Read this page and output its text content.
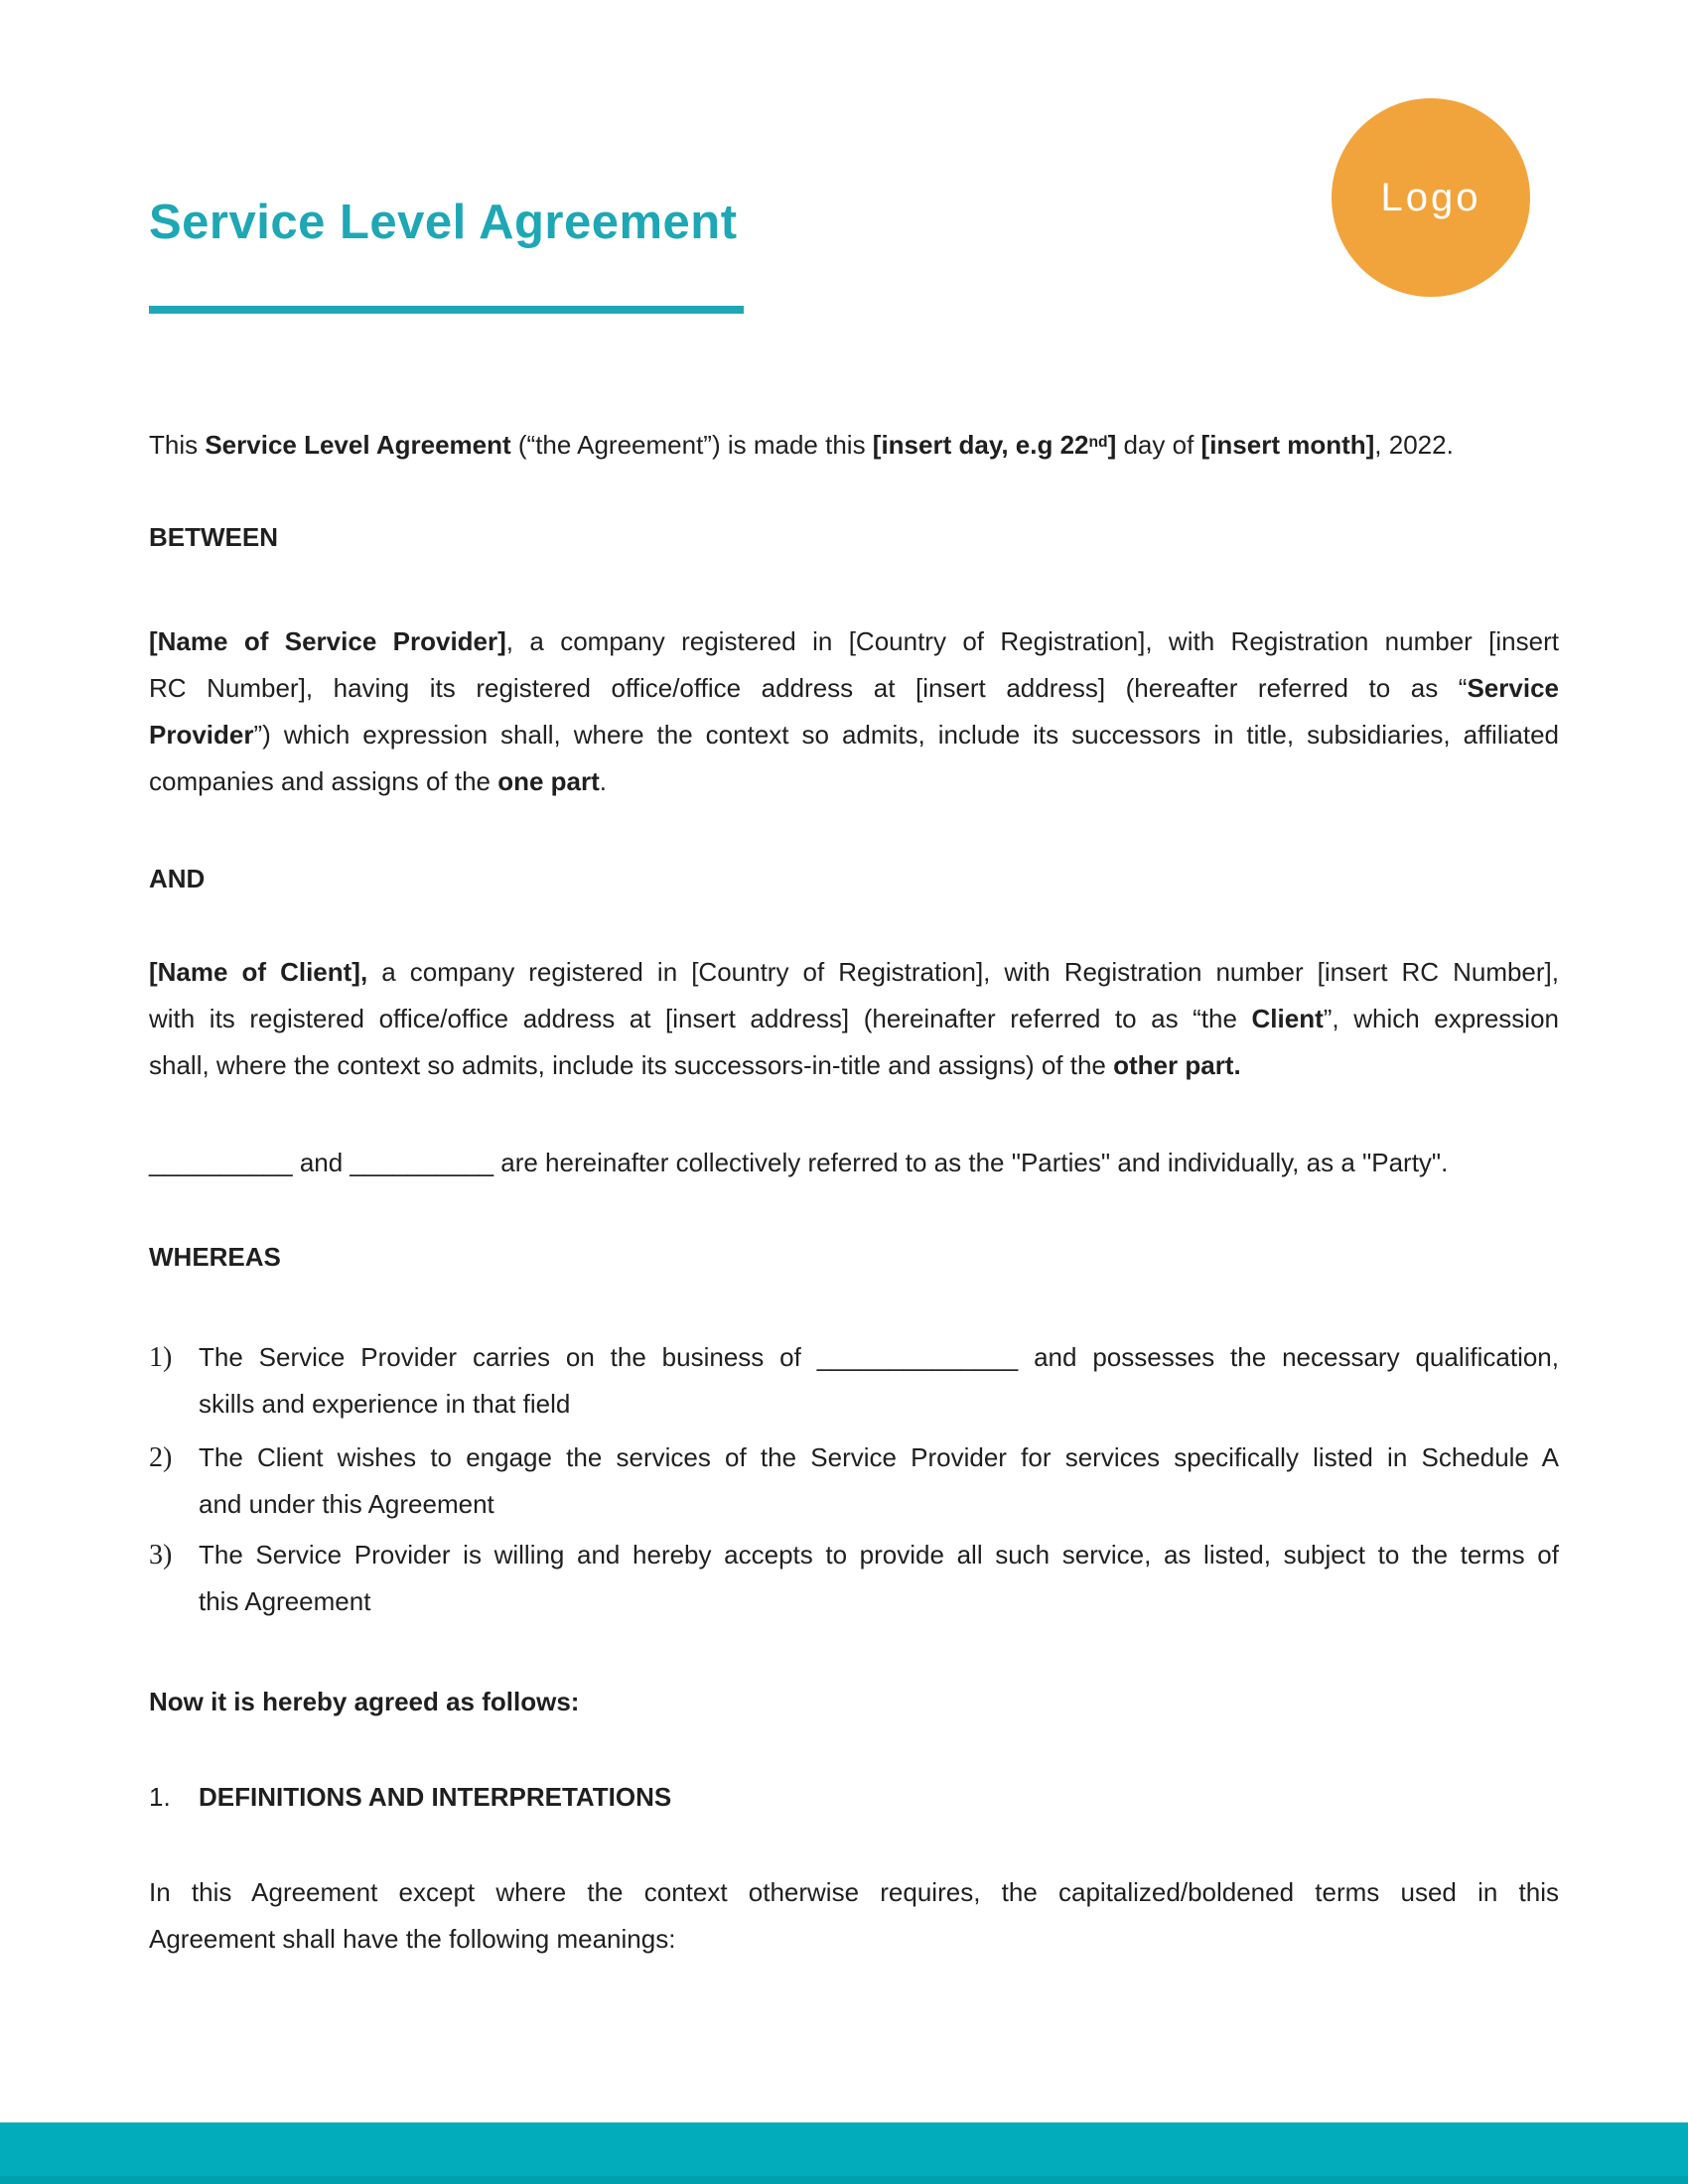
Service Level Agreement	Logo
This Service Level Agreement (“the Agreement”) is made this [insert day, e.g 22nd] day of [insert month], 2022.
BETWEEN
[Name of Service Provider], a company registered in [Country of Registration], with Registration number [insert
RC Number], having its registered office/office address at [insert address] (hereafter referred to as “Service
Provider”) which expression shall, where the context so admits, include its successors in title, subsidiaries, affiliated
companies and assigns of the one part.
AND
[Name of Client], a company registered in [Country of Registration], with Registration number [insert RC Number],
with its registered office/office address at [insert address] (hereinafter referred to as “the Client”, which expression
shall, where the context so admits, include its successors-in-title and assigns) of the other part.
__________ and __________ are hereinafter collectively referred to as the "Parties" and individually, as a "Party".
WHEREAS
1) The Service Provider carries on the business of ______________ and possesses the necessary qualification,
skills and experience in that field
2) The Client wishes to engage the services of the Service Provider for services specifically listed in Schedule A
and under this Agreement
3) The Service Provider is willing and hereby accepts to provide all such service, as listed, subject to the terms of
this Agreement
Now it is hereby agreed as follows:
1. DEFINITIONS AND INTERPRETATIONS
In this Agreement except where the context otherwise requires, the capitalized/boldened terms used in this
Agreement shall have the following meanings:
